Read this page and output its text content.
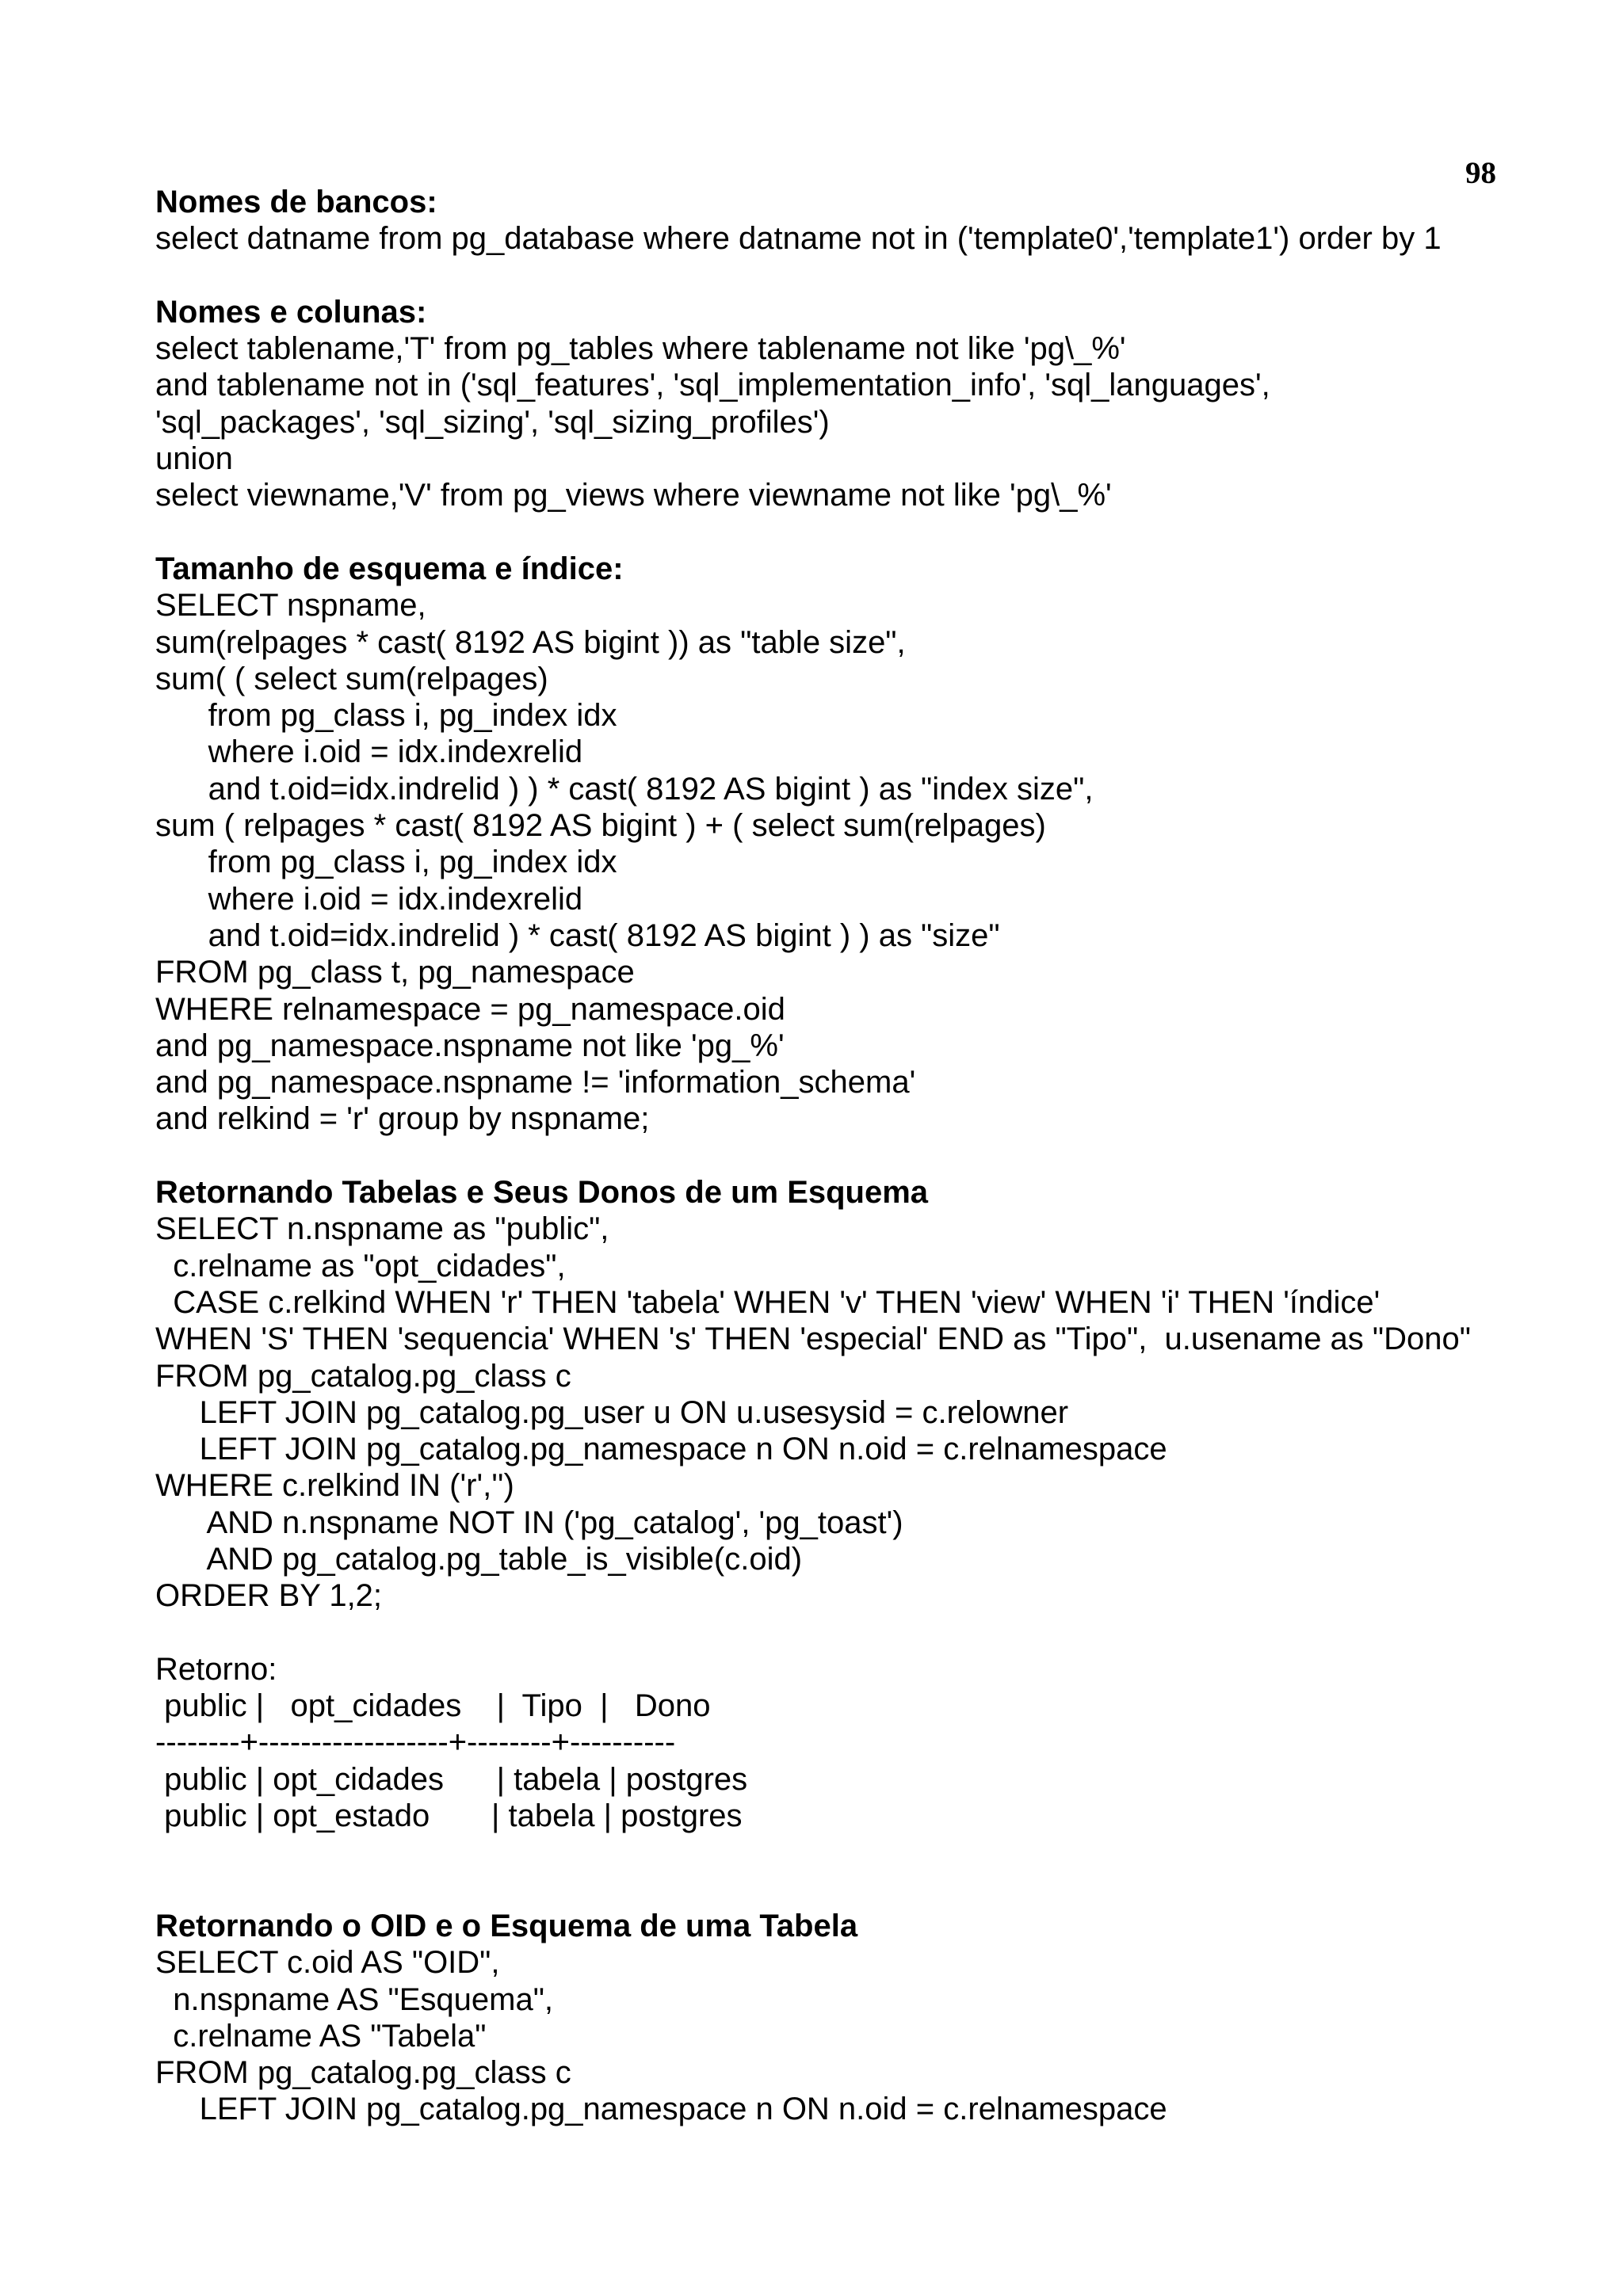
98
Nomes de bancos:
select datname from pg_database where datname not in ('template0','template1') order by 1
Nomes e colunas:
select tablename,'T' from pg_tables where tablename not like 'pg\_%'
and tablename not in ('sql_features', 'sql_implementation_info', 'sql_languages',
'sql_packages', 'sql_sizing', 'sql_sizing_profiles')
union
select viewname,'V' from pg_views where viewname not like 'pg\_%'
Tamanho de esquema e índice:
SELECT nspname,
sum(relpages * cast( 8192 AS bigint )) as "table size",
sum( ( select sum(relpages)
from pg_class i, pg_index idx
where i.oid = idx.indexrelid
and t.oid=idx.indrelid ) ) * cast( 8192 AS bigint ) as "index size",
sum ( relpages * cast( 8192 AS bigint ) + ( select sum(relpages)
from pg_class i, pg_index idx
where i.oid = idx.indexrelid
and t.oid=idx.indrelid ) * cast( 8192 AS bigint ) ) as "size"
FROM pg_class t, pg_namespace
WHERE relnamespace = pg_namespace.oid
and pg_namespace.nspname not like 'pg_%'
and pg_namespace.nspname != 'information_schema'
and relkind = 'r' group by nspname;
Retornando Tabelas e Seus Donos de um Esquema
SELECT n.nspname as "public",
c.relname as "opt_cidades",
CASE c.relkind WHEN 'r' THEN 'tabela' WHEN 'v' THEN 'view' WHEN 'i' THEN 'índice'
WHEN 'S' THEN 'sequencia' WHEN 's' THEN 'especial' END as "Tipo",  u.usename as "Dono"
FROM pg_catalog.pg_class c
LEFT JOIN pg_catalog.pg_user u ON u.usesysid = c.relowner
LEFT JOIN pg_catalog.pg_namespace n ON n.oid = c.relnamespace
WHERE c.relkind IN ('r','')
AND n.nspname NOT IN ('pg_catalog', 'pg_toast')
AND pg_catalog.pg_table_is_visible(c.oid)
ORDER BY 1,2;
Retorno:
public |   opt_cidades    |  Tipo  |   Dono
--------+------------------+--------+----------
public | opt_cidades      | tabela | postgres
public | opt_estado       | tabela | postgres
Retornando o OID e o Esquema de uma Tabela
SELECT c.oid AS "OID",
n.nspname AS "Esquema",
c.relname AS "Tabela"
FROM pg_catalog.pg_class c
LEFT JOIN pg_catalog.pg_namespace n ON n.oid = c.relnamespace
